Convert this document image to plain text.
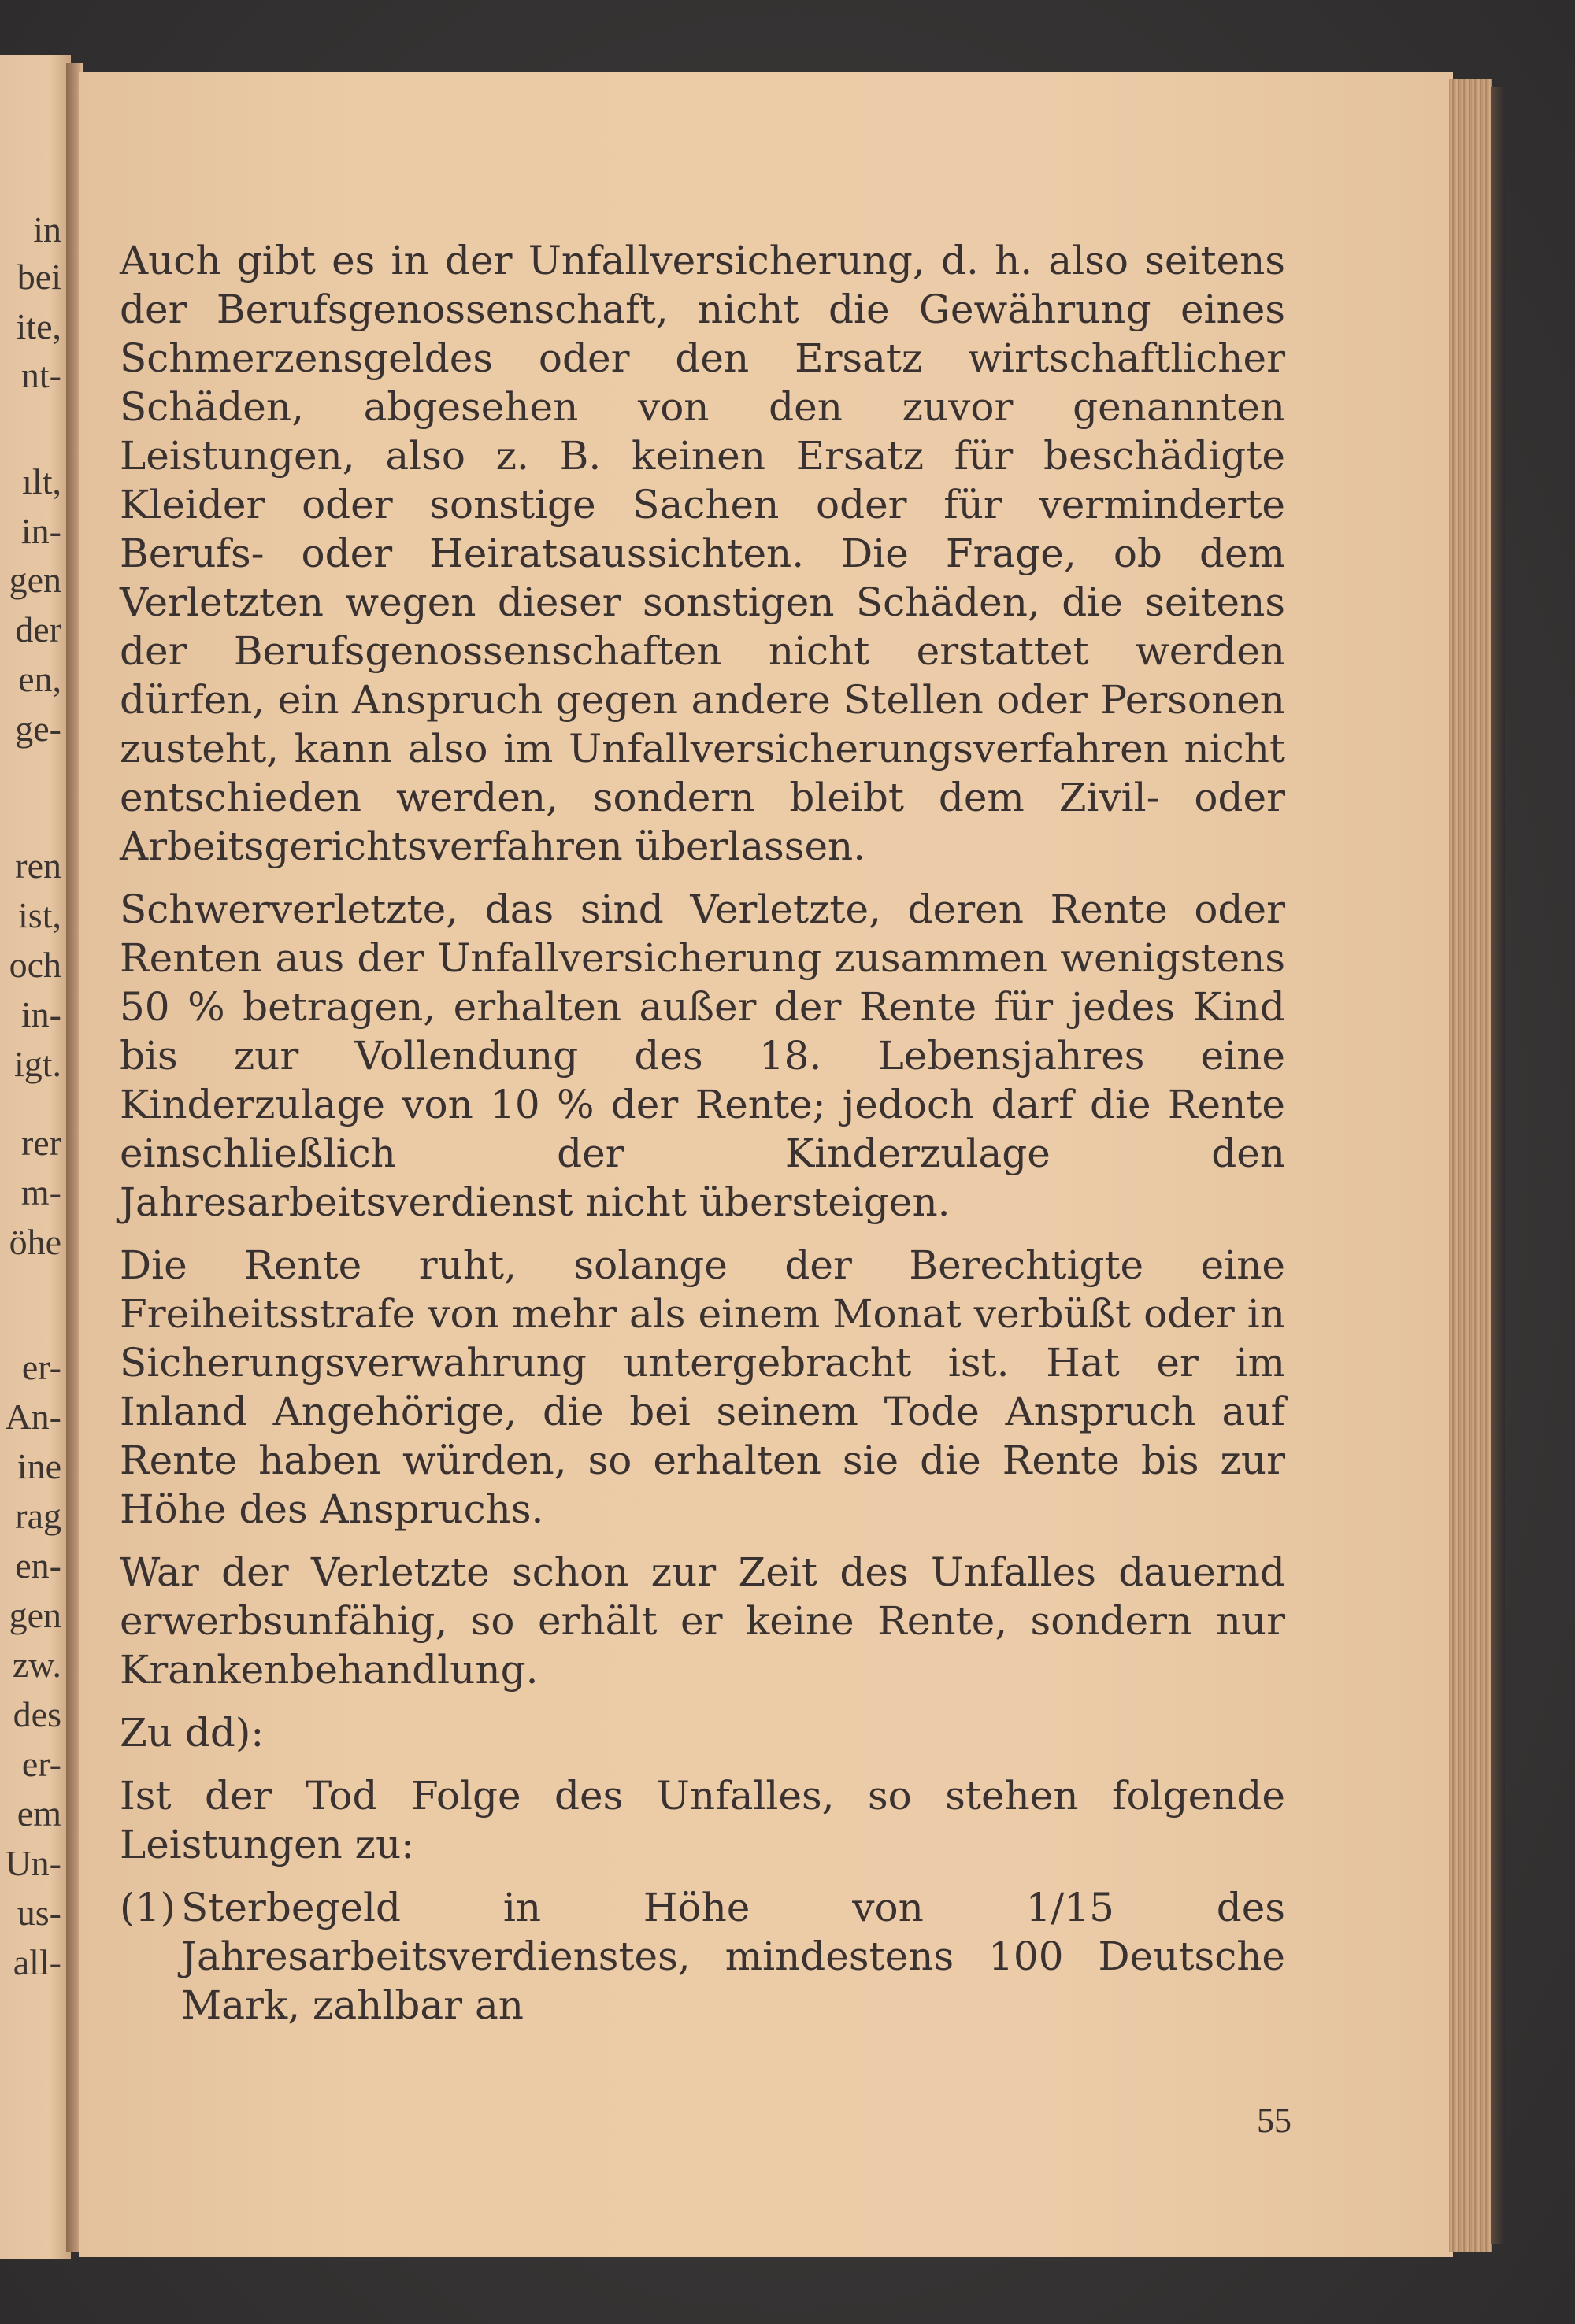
in
bei
ite,
nt-
ılt,
in-
gen
der
en,
ge-
ren
ist,
och
in-
igt.
rer
m-
öhe
er-
An-
ine
rag
en-
gen
zw.
des
er-
em
Un-
us-
all-

Auch gibt es in der Unfallversicherung, d. h. also seitens der Berufsgenossenschaft, nicht die Gewährung eines Schmerzensgeldes oder den Ersatz wirtschaftlicher Schäden, abgesehen von den zuvor genannten Leistungen, also z. B. keinen Ersatz für beschädigte Kleider oder sonstige Sachen oder für verminderte Berufs- oder Heiratsaussichten. Die Frage, ob dem Verletzten wegen dieser sonstigen Schäden, die seitens der Berufsgenossenschaften nicht erstattet werden dürfen, ein Anspruch gegen andere Stellen oder Personen zusteht, kann also im Unfallversicherungsverfahren nicht entschieden werden, sondern bleibt dem Zivil- oder Arbeitsgerichtsverfahren überlassen.

Schwerverletzte, das sind Verletzte, deren Rente oder Renten aus der Unfallversicherung zusammen wenigstens 50 % betragen, erhalten außer der Rente für jedes Kind bis zur Vollendung des 18. Lebensjahres eine Kinderzulage von 10 % der Rente; jedoch darf die Rente einschließlich der Kinderzulage den Jahresarbeitsverdienst nicht übersteigen.

Die Rente ruht, solange der Berechtigte eine Freiheitsstrafe von mehr als einem Monat verbüßt oder in Sicherungsverwahrung untergebracht ist. Hat er im Inland Angehörige, die bei seinem Tode Anspruch auf Rente haben würden, so erhalten sie die Rente bis zur Höhe des Anspruchs.

War der Verletzte schon zur Zeit des Unfalles dauernd erwerbsunfähig, so erhält er keine Rente, sondern nur Krankenbehandlung.

Zu dd):

Ist der Tod Folge des Unfalles, so stehen folgende Leistungen zu:

(1) Sterbegeld in Höhe von 1/15 des Jahresarbeitsverdienstes, mindestens 100 Deutsche Mark, zahlbar an
55
